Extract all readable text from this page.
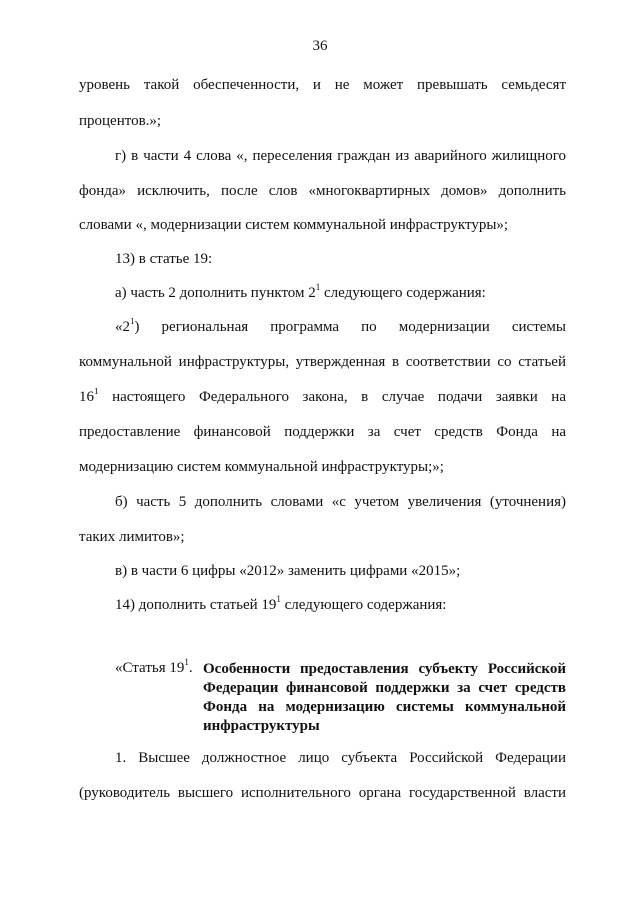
36
уровень такой обеспеченности, и не может превышать семьдесят
процентов.»;
г) в части 4 слова «, переселения граждан из аварийного жилищного
фонда» исключить, после слов «многоквартирных домов» дополнить
словами «, модернизации систем коммунальной инфраструктуры»;
13) в статье 19:
а) часть 2 дополнить пунктом $2^1$ следующего содержания:
«$2^1$) региональная программа по модернизации системы
коммунальной инфраструктуры, утвержденная в соответствии со статьей
$16^1$ настоящего Федерального закона, в случае подачи заявки на
предоставление финансовой поддержки за счет средств Фонда на
модернизацию систем коммунальной инфраструктуры;»;
б) часть 5 дополнить словами «с учетом увеличения (уточнения)
таких лимитов»;
в) в части 6 цифры «2012» заменить цифрами «2015»;
14) дополнить статьей $19^1$ следующего содержания:
«Статья $19^1$. Особенности предоставления субъекту Российской
Федерации финансовой поддержки за счет средств
Фонда на модернизацию системы коммунальной
инфраструктуры
1. Высшее должностное лицо субъекта Российской Федерации
(руководитель высшего исполнительного органа государственной власти
